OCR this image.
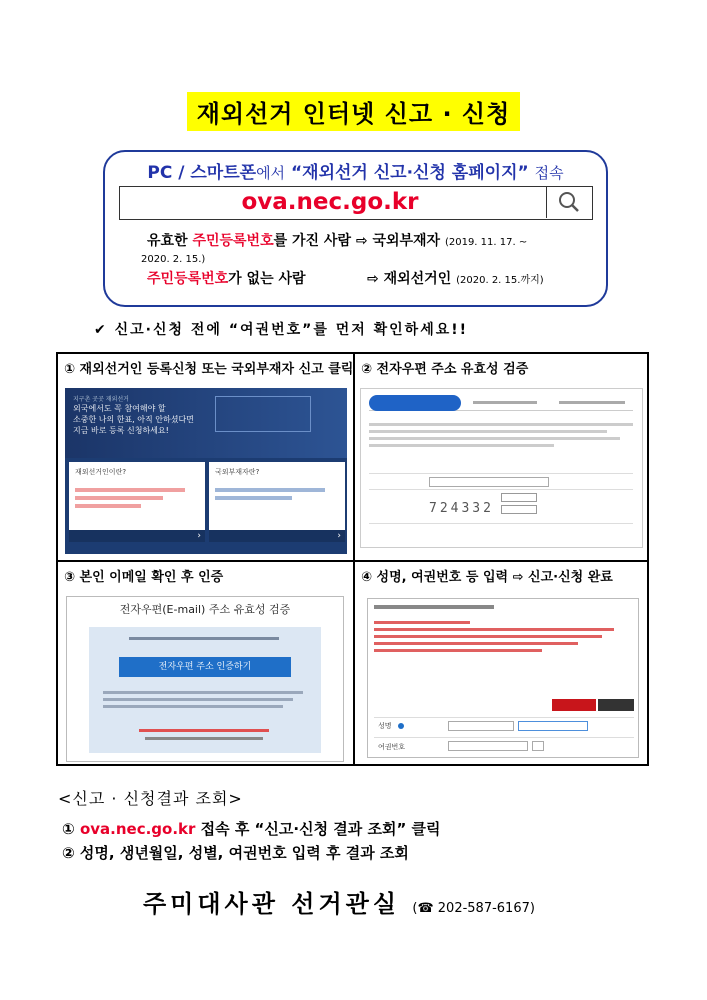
재외선거 인터넷 신고 · 신청
PC / 스마트폰에서 “재외선거 신고·신청 홈페이지” 접속
ova.nec.go.kr
유효한 주민등록번호를 가진 사람 ⇨ 국외부재자 (2019. 11. 17. ~
2020. 2. 15.)
주민등록번호가 없는 사람	⇨ 재외선거인 (2020. 2. 15.까지)
✔ 신고·신청 전에 “여권번호”를 먼저 확인하세요!!
① 재외선거인 등록신청 또는 국외부재자 신고 클릭
지구촌 곳곳 재외선거
외국에서도 꼭 참여해야 할
소중한 나의 한표, 아직 안하셨다면
지금 바로 등록 신청하세요!
재외선거인이란?
›
국외부재자란?
›
② 전자우편 주소 유효성 검증
724332
③ 본인 이메일 확인 후 인증
전자우편(E-mail) 주소 유효성 검증
전자우편 주소 인증하기
④ 성명, 여권번호 등 입력 ⇨ 신고·신청 완료
성명
여권번호
<신고 · 신청결과 조회>
① ova.nec.go.kr 접속 후 “신고·신청 결과 조회” 클릭
② 성명, 생년월일, 성별, 여권번호 입력 후 결과 조회
주미대사관 선거관실 (☎ 202-587-6167)
